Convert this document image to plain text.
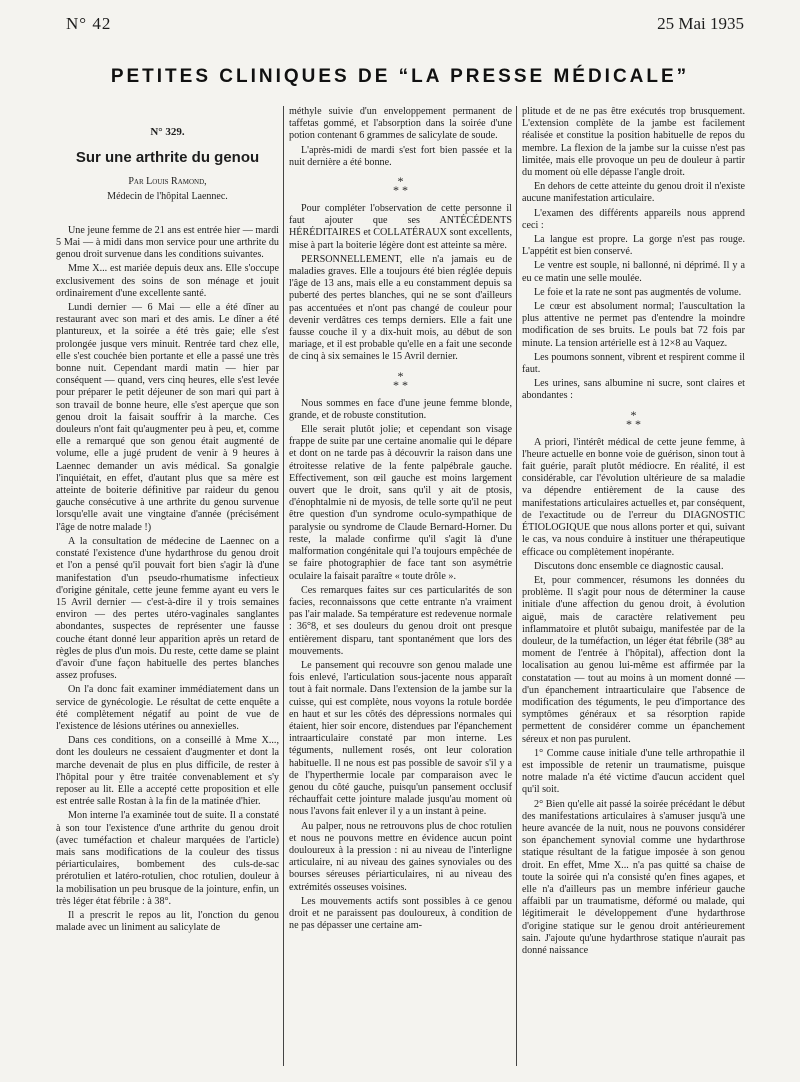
N° 42	25 Mai 1935
PETITES CLINIQUES DE “LA PRESSE MÉDICALE”
N° 329.
Sur une arthrite du genou
Par Louis Ramond,
Médecin de l'hôpital Laennec.

Une jeune femme de 21 ans est entrée hier — mardi 5 Mai — à midi dans mon service pour une arthrite du genou droit survenue dans les conditions suivantes.

Mme X... est mariée depuis deux ans. Elle s'occupe exclusivement des soins de son ménage et jouit ordinairement d'une excellente santé.

Lundi dernier — 6 Mai — elle a été dîner au restaurant avec son mari et des amis. Le dîner a été plantureux, et la soirée a été très gaie; elle s'est prolongée jusque vers minuit. Rentrée tard chez elle, elle s'est couchée bien portante et elle a passé une très bonne nuit. Cependant mardi matin — hier par conséquent — quand, vers cinq heures, elle s'est levée pour préparer le petit déjeuner de son mari qui part à son travail de bonne heure, elle s'est aperçue que son genou droit la faisait souffrir à la marche. Ces douleurs n'ont fait qu'augmenter peu à peu, et, comme elle a remarqué que son genou était augmenté de volume, elle a jugé prudent de venir à 9 heures à Laennec demander un avis médical. Sa gonalgie l'inquiétait, en effet, d'autant plus que sa mère est atteinte de boiterie définitive par raideur du genou gauche consécutive à une arthrite du genou survenue lorsqu'elle avait une vingtaine d'année (précisément l'âge de notre malade !)

A la consultation de médecine de Laennec on a constaté l'existence d'une hydarthrose du genou droit et l'on a pensé qu'il pouvait fort bien s'agir là d'une manifestation d'un pseudo-rhumatisme infectieux d'origine génitale, cette jeune femme ayant eu vers le 15 Avril dernier — c'est-à-dire il y trois semaines environ — des pertes utéro-vaginales sanglantes abondantes, suspectes de représenter une fausse couche étant donné leur apparition après un retard de règles de plus d'un mois. Du reste, cette dame se plaint d'avoir d'une façon habituelle des pertes blanches assez profuses.

On l'a donc fait examiner immédiatement dans un service de gynécologie. Le résultat de cette enquête a été complètement négatif au point de vue de l'existence de lésions utérines ou annexielles.

Dans ces conditions, on a conseillé à Mme X..., dont les douleurs ne cessaient d'augmenter et dont la marche devenait de plus en plus difficile, de rester à l'hôpital pour y être traitée convenablement et s'y reposer au lit. Elle a accepté cette proposition et elle est entrée salle Rostan à la fin de la matinée d'hier.

Mon interne l'a examinée tout de suite. Il a constaté à son tour l'existence d'une arthrite du genou droit (avec tuméfaction et chaleur marquées de l'article) mais sans modifications de la couleur des tissus périarticulaires, bombement des culs-de-sac prérotulien et latéro-rotulien, choc rotulien, douleur à la mobilisation un peu brusque de la jointure, enfin, un très léger état fébrile : à 38°.

Il a prescrit le repos au lit, l'onction du genou malade avec un liniment au salicylate de

méthyle suivie d'un enveloppement permanent de taffetas gommé, et l'absorption dans la soirée d'une potion contenant 6 grammes de salicylate de soude.

L'après-midi de mardi s'est fort bien passée et la nuit dernière a été bonne.

*
* *

Pour compléter l'observation de cette personne il faut ajouter que ses ANTÉCÉDENTS HÉRÉDITAIRES et COLLATÉRAUX sont excellents, mise à part la boiterie légère dont est atteinte sa mère.

PERSONNELLEMENT, elle n'a jamais eu de maladies graves. Elle a toujours été bien réglée depuis l'âge de 13 ans, mais elle a eu constamment depuis sa puberté des pertes blanches, qui ne se sont d'ailleurs pas accentuées et n'ont pas changé de couleur pour devenir verdâtres ces temps derniers. Elle a fait une fausse couche il y a dix-huit mois, au début de son mariage, et il est probable qu'elle en a fait une seconde de cinq à six semaines le 15 Avril dernier.

*
* *

Nous sommes en face d'une jeune femme blonde, grande, et de robuste constitution.

Elle serait plutôt jolie; et cependant son visage frappe de suite par une certaine anomalie qui le dépare et dont on ne tarde pas à découvrir la raison dans une étroitesse relative de la fente palpébrale gauche. Effectivement, son œil gauche est moins largement ouvert que le droit, sans qu'il y ait de ptosis, d'énophtalmie ni de myosis, de telle sorte qu'il ne peut être question d'un syndrome oculo-sympathique de paralysie ou syndrome de Claude Bernard-Horner. Du reste, la malade confirme qu'il s'agit là d'une malformation congénitale qui l'a toujours empêchée de se faire photographier de face tant son asymétrie oculaire la faisait paraître « toute drôle ».

Ces remarques faites sur ces particularités de son facies, reconnaissons que cette entrante n'a vraiment pas l'air malade. Sa température est redevenue normale : 36°8, et ses douleurs du genou droit ont presque entièrement disparu, tant spontanément que lors des mouvements.

Le pansement qui recouvre son genou malade une fois enlevé, l'articulation sous-jacente nous apparaît tout à fait normale. Dans l'extension de la jambe sur la cuisse, qui est complète, nous voyons la rotule bordée en haut et sur les côtés des dépressions normales qui étaient, hier soir encore, distendues par l'épanchement intraarticulaire constaté par mon interne. Les téguments, nullement rosés, ont leur coloration habituelle. Il ne nous est pas possible de savoir s'il y a de l'hyperthermie locale par comparaison avec le genou du côté gauche, puisqu'un pansement occlusif réchauffait cette jointure malade jusqu'au moment où nous l'avons fait enlever il y a un instant à peine.

Au palper, nous ne retrouvons plus de choc rotulien et nous ne pouvons mettre en évidence aucun point douloureux à la pression : ni au niveau de l'interligne articulaire, ni au niveau des gaines synoviales ou des bourses séreuses périarticulaires, ni au niveau des extrémités osseuses voisines.

Les mouvements actifs sont possibles à ce genou droit et ne paraissent pas douloureux, à condition de ne pas dépasser une certaine am-

plitude et de ne pas être exécutés trop brusquement. L'extension complète de la jambe est facilement réalisée et constitue la position habituelle de repos du membre. La flexion de la jambe sur la cuisse n'est pas limitée, mais elle provoque un peu de douleur à partir du moment où elle dépasse l'angle droit.

En dehors de cette atteinte du genou droit il n'existe aucune manifestation articulaire.

L'examen des différents appareils nous apprend ceci :

La langue est propre. La gorge n'est pas rouge. L'appétit est bien conservé.

Le ventre est souple, ni ballonné, ni déprimé. Il y a eu ce matin une selle moulée.

Le foie et la rate ne sont pas augmentés de volume.

Le cœur est absolument normal; l'auscultation la plus attentive ne permet pas d'entendre la moindre modification de ses bruits. Le pouls bat 72 fois par minute. La tension artérielle est à 12×8 au Vaquez.

Les poumons sonnent, vibrent et respirent comme il faut.

Les urines, sans albumine ni sucre, sont claires et abondantes :

*
* *

A priori, l'intérêt médical de cette jeune femme, à l'heure actuelle en bonne voie de guérison, sinon tout à fait guérie, paraît plutôt médiocre. En réalité, il est considérable, car l'évolution ultérieure de sa maladie va dépendre entièrement de la cause des manifestations articulaires actuelles et, par conséquent, de l'exactitude ou de l'erreur du DIAGNOSTIC ÉTIOLOGIQUE que nous allons porter et qui, suivant le cas, va nous conduire à instituer une thérapeutique efficace ou complètement inopérante.

Discutons donc ensemble ce diagnostic causal.

Et, pour commencer, résumons les données du problème. Il s'agit pour nous de déterminer la cause initiale d'une affection du genou droit, à évolution aiguë, mais de caractère relativement peu inflammatoire et plutôt subaigu, manifestée par de la douleur, de la tuméfaction, un léger état fébrile (38° au moment de l'entrée à l'hôpital), affection dont la localisation au genou lui-même est affirmée par la constatation — tout au moins à un moment donné — d'un épanchement intraarticulaire que l'absence de modification des téguments, le peu d'importance des symptômes généraux et sa résorption rapide permettent de considérer comme un épanchement séreux et non pas purulent.

1° Comme cause initiale d'une telle arthropathie il est impossible de retenir un traumatisme, puisque notre malade n'a été victime d'aucun accident quel qu'il soit.

2° Bien qu'elle ait passé la soirée précédant le début des manifestations articulaires à s'amuser jusqu'à une heure avancée de la nuit, nous ne pouvons considérer son épanchement synovial comme une hydarthrose statique résultant de la fatigue imposée à son genou droit. En effet, Mme X... n'a pas quitté sa chaise de toute la soirée qui n'a consisté qu'en fines agapes, et elle n'a d'ailleurs pas un membre inférieur gauche affaibli par un traumatisme, déformé ou malade, qui légitimerait le développement d'une hydarthrose d'origine statique sur le genou droit antérieurement sain. J'ajoute qu'une hydarthrose statique n'aurait pas donné naissance
